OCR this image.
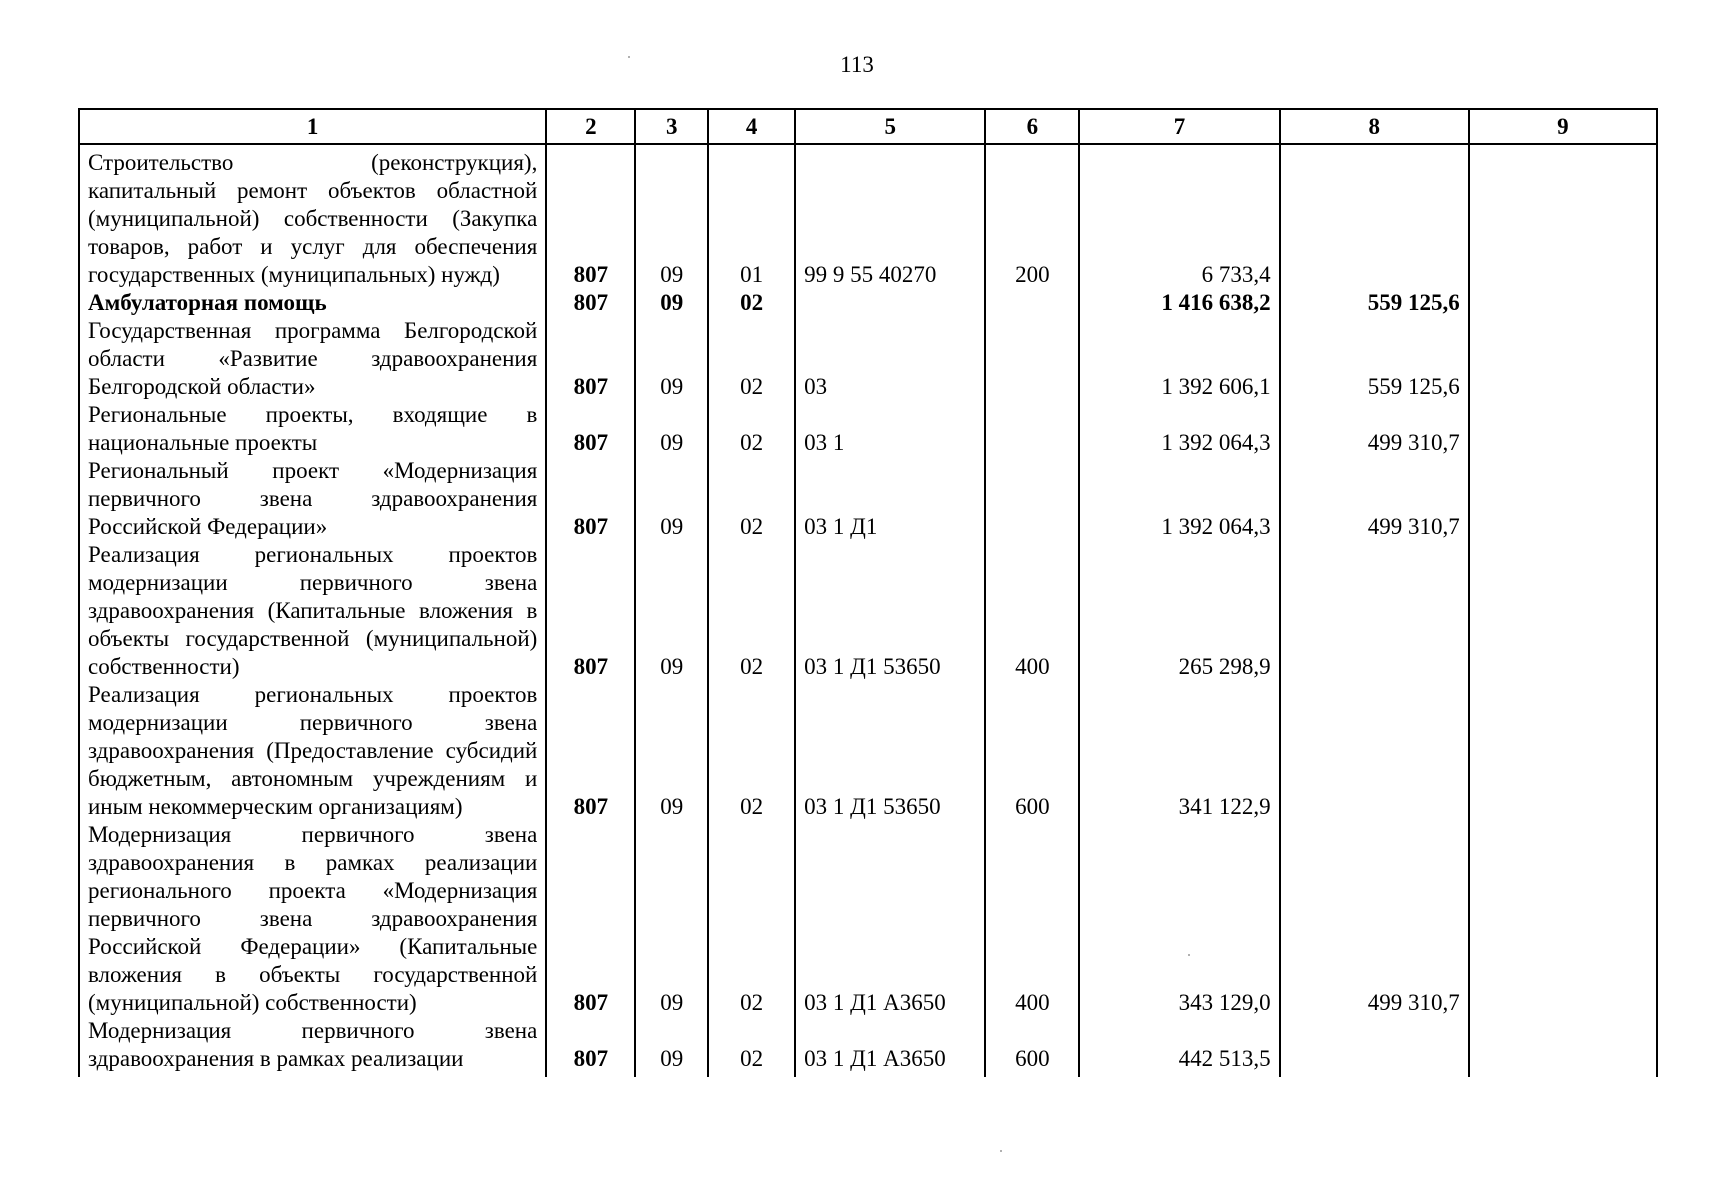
113
1	2	3	4	5	6	7	8	9
Строительство (реконструкция), капитальный ремонт объектов областной (муниципальной) собственности (Закупка товаров, работ и услуг для обеспечения государственных (муниципальных) нужд)	807	09	01	99 9 55 40270	200	6 733,4		
Амбулаторная помощь	807	09	02			1 416 638,2	559 125,6	
Государственная программа Белгородской области «Развитие здравоохранения Белгородской области»	807	09	02	03		1 392 606,1	559 125,6	
Региональные проекты, входящие в национальные проекты	807	09	02	03 1		1 392 064,3	499 310,7	
Региональный проект «Модернизация первичного звена здравоохранения Российской Федерации»	807	09	02	03 1 Д1		1 392 064,3	499 310,7	
Реализация региональных проектов модернизации первичного звена здравоохранения (Капитальные вложения в объекты государственной (муниципальной) собственности)	807	09	02	03 1 Д1 53650	400	265 298,9		
Реализация региональных проектов модернизации первичного звена здравоохранения (Предоставление субсидий бюджетным, автономным учреждениям и иным некоммерческим организациям)	807	09	02	03 1 Д1 53650	600	341 122,9		
Модернизация первичного звена здравоохранения в рамках реализации регионального проекта «Модернизация первичного звена здравоохранения Российской Федерации» (Капитальные вложения в объекты государственной (муниципальной) собственности)	807	09	02	03 1 Д1 А3650	400	343 129,0	499 310,7	
Модернизация первичного звена здравоохранения в рамках реализации	807	09	02	03 1 Д1 А3650	600	442 513,5		
